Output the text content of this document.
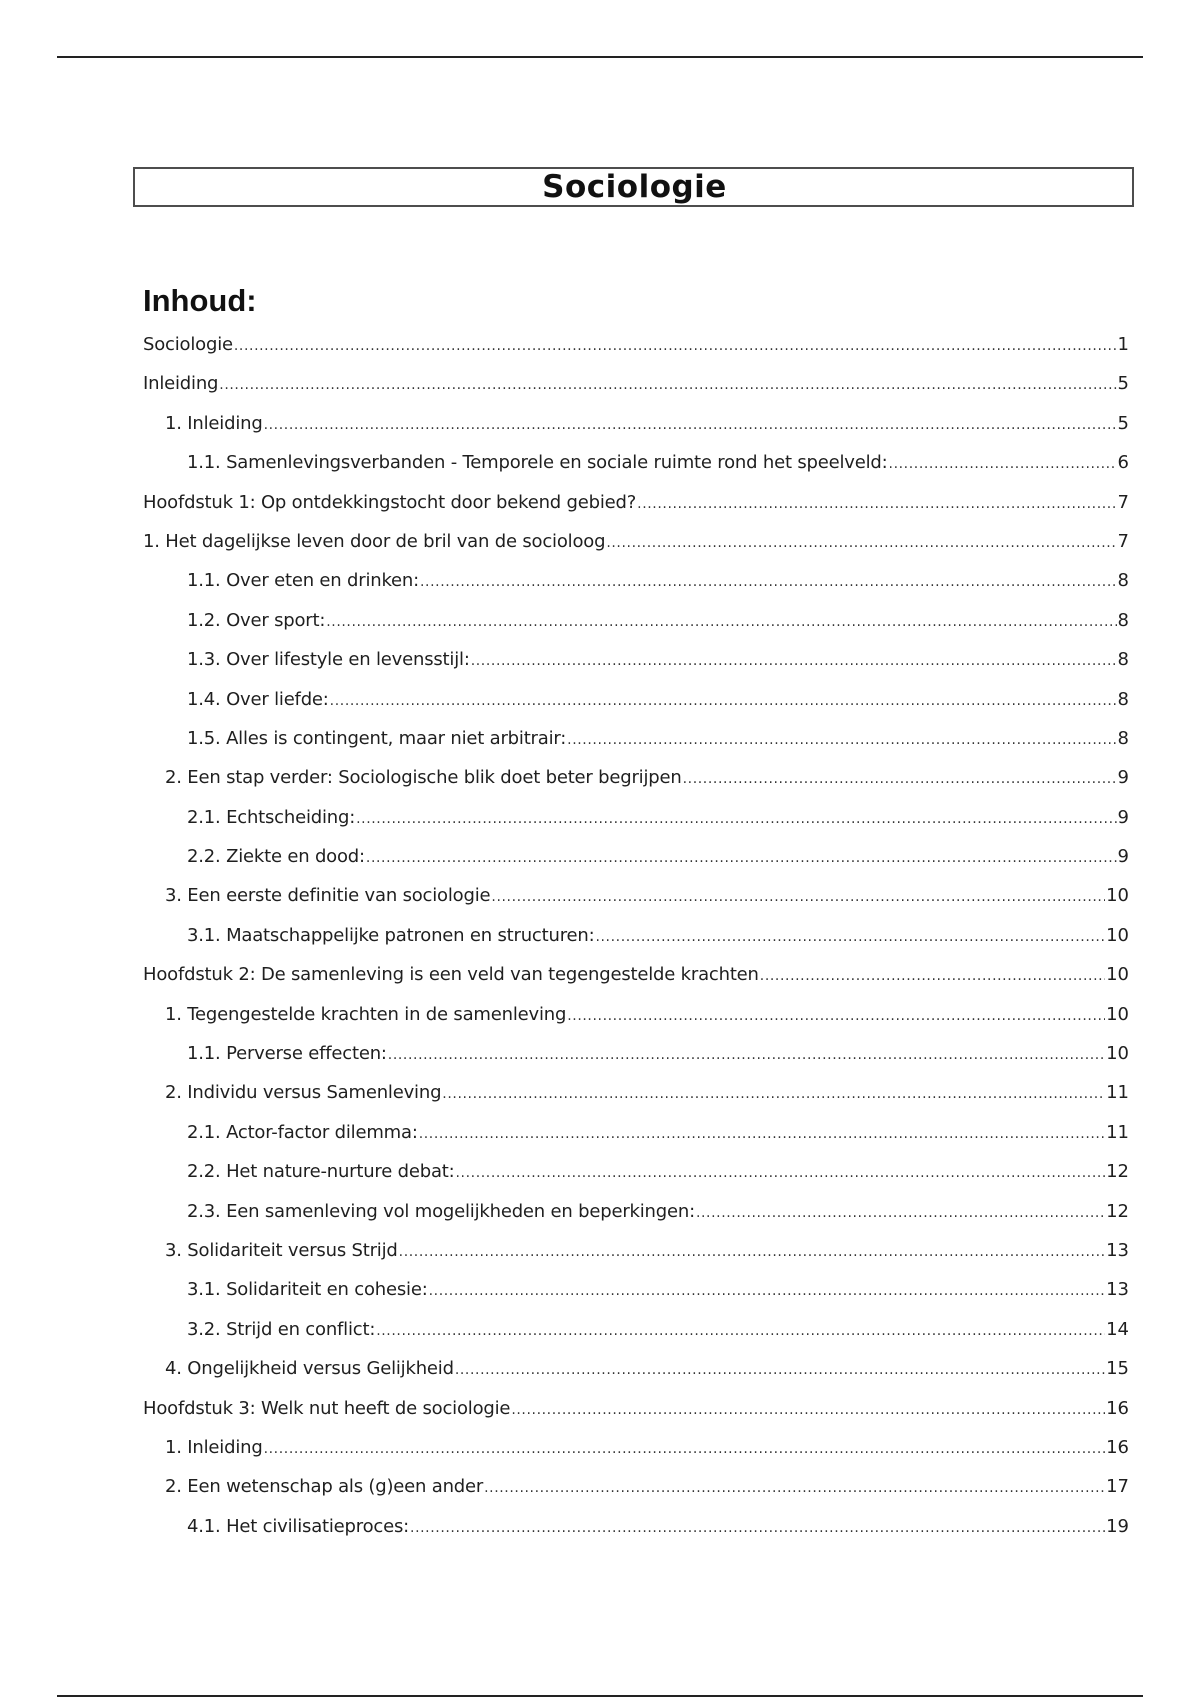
Sociologie
Inhoud:
Sociologie .....	1
Inleiding .....	5
1. Inleiding .....	5
1.1. Samenlevingsverbanden - Temporele en sociale ruimte rond het speelveld: .....	6
Hoofdstuk 1: Op ontdekkingstocht door bekend gebied? .....	7
1. Het dagelijkse leven door de bril van de socioloog .....	7
1.1. Over eten en drinken: .....	8
1.2. Over sport: .....	8
1.3. Over lifestyle en levensstijl: .....	8
1.4. Over liefde: .....	8
1.5. Alles is contingent, maar niet arbitrair: .....	8
2. Een stap verder: Sociologische blik doet beter begrijpen .....	9
2.1. Echtscheiding: .....	9
2.2. Ziekte en dood: .....	9
3. Een eerste definitie van sociologie .....	10
3.1. Maatschappelijke patronen en structuren: .....	10
Hoofdstuk 2: De samenleving is een veld van tegengestelde krachten .....	10
1. Tegengestelde krachten in de samenleving .....	10
1.1. Perverse effecten: .....	10
2. Individu versus Samenleving .....	11
2.1. Actor-factor dilemma: .....	11
2.2. Het nature-nurture debat: .....	12
2.3. Een samenleving vol mogelijkheden en beperkingen: .....	12
3. Solidariteit versus Strijd .....	13
3.1. Solidariteit en cohesie: .....	13
3.2. Strijd en conflict: .....	14
4. Ongelijkheid versus Gelijkheid .....	15
Hoofdstuk 3: Welk nut heeft de sociologie .....	16
1. Inleiding .....	16
2. Een wetenschap als (g)een ander .....	17
4.1. Het civilisatieproces: .....	19
